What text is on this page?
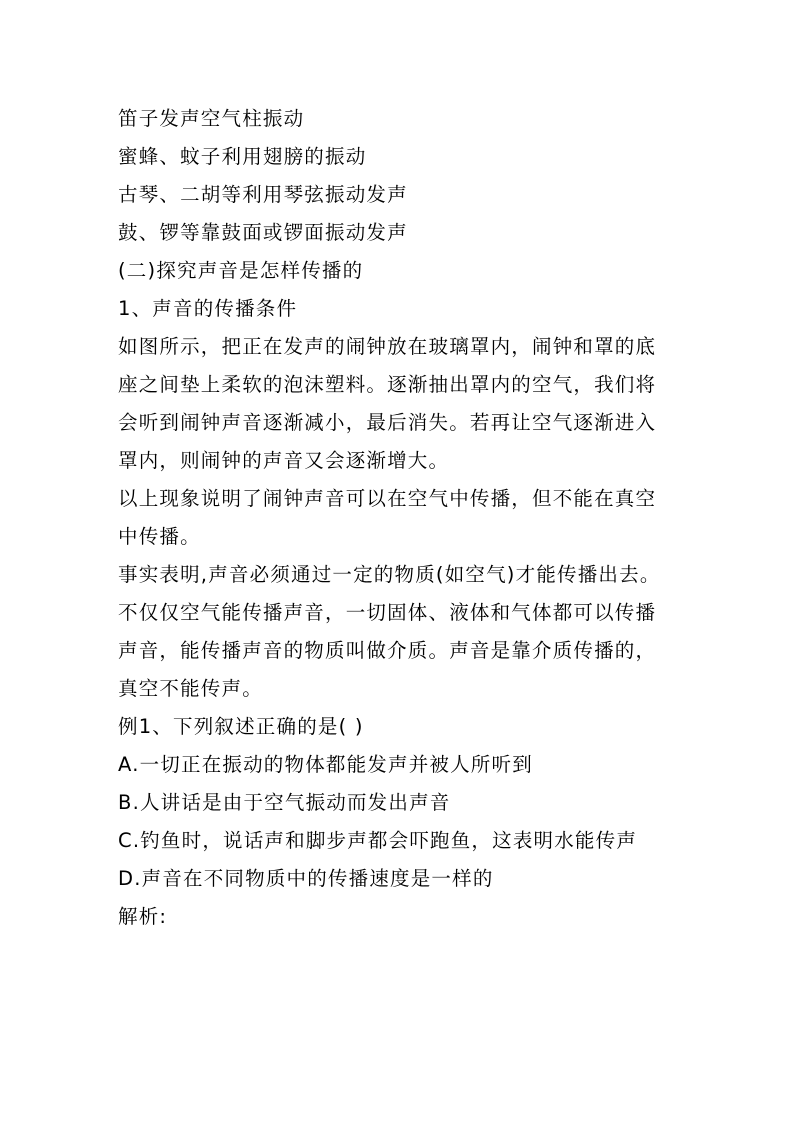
笛子发声空气柱振动
蜜蜂、蚊子利用翅膀的振动
古琴、二胡等利用琴弦振动发声
鼓、锣等靠鼓面或锣面振动发声
(二)探究声音是怎样传播的
1、声音的传播条件
如图所示，把正在发声的闹钟放在玻璃罩内，闹钟和罩的底
座之间垫上柔软的泡沫塑料。逐渐抽出罩内的空气，我们将
会听到闹钟声音逐渐减小，最后消失。若再让空气逐渐进入
罩内，则闹钟的声音又会逐渐增大。
以上现象说明了闹钟声音可以在空气中传播，但不能在真空
中传播。
事实表明,声音必须通过一定的物质(如空气)才能传播出去。
不仅仅空气能传播声音，一切固体、液体和气体都可以传播
声音，能传播声音的物质叫做介质。声音是靠介质传播的，
真空不能传声。
例1、下列叙述正确的是( )
A.一切正在振动的物体都能发声并被人所听到
B.人讲话是由于空气振动而发出声音
C.钓鱼时，说话声和脚步声都会吓跑鱼，这表明水能传声
D.声音在不同物质中的传播速度是一样的
解析:
